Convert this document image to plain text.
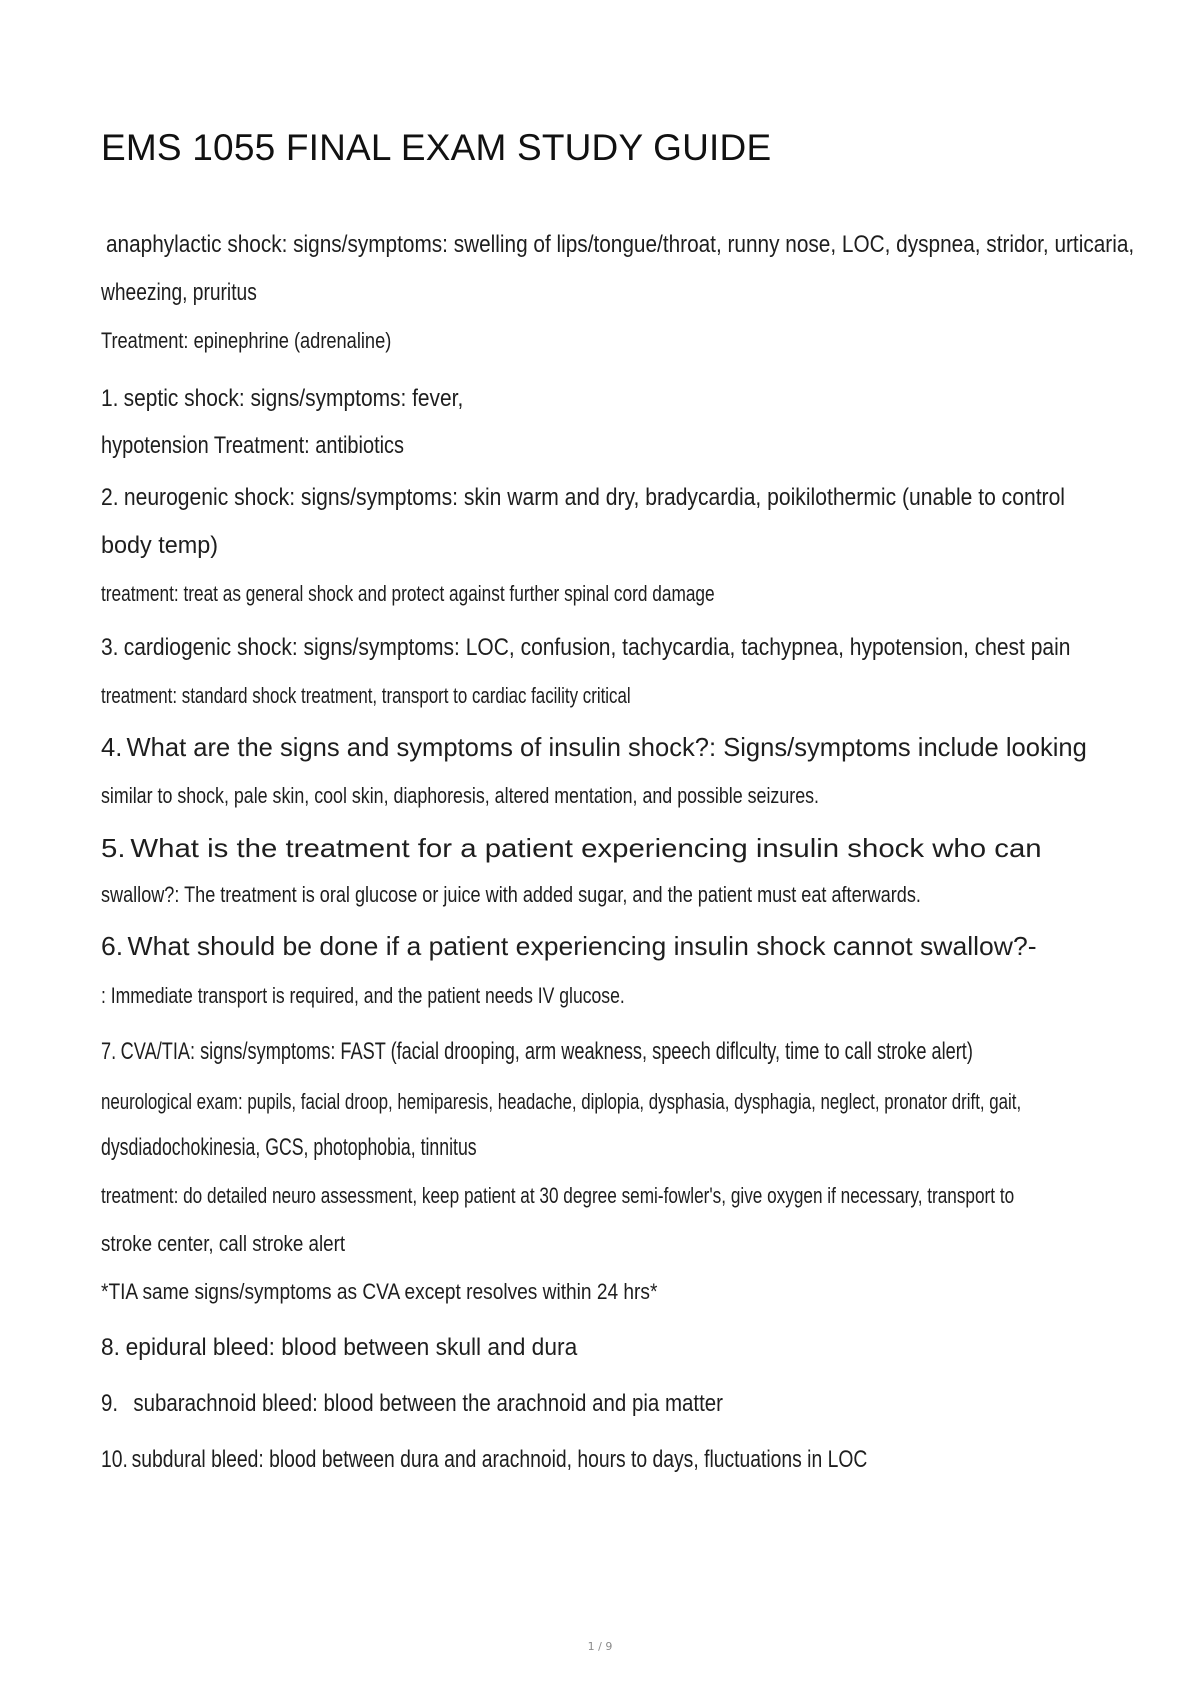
EMS 1055 FINAL EXAM STUDY GUIDE

anaphylactic shock: signs/symptoms: swelling of lips/tongue/throat, runny nose, LOC, dyspnea, stridor, urticaria,

wheezing, pruritus

Treatment: epinephrine (adrenaline)

1. septic shock: signs/symptoms: fever,

hypotension Treatment: antibiotics

2. neurogenic shock: signs/symptoms: skin warm and dry, bradycardia, poikilothermic (unable to control

body temp)

treatment: treat as general shock and protect against further spinal cord damage

3. cardiogenic shock: signs/symptoms: LOC, confusion, tachycardia, tachypnea, hypotension, chest pain

treatment: standard shock treatment, transport to cardiac facility critical

4. What are the signs and symptoms of insulin shock?: Signs/symptoms include looking

similar to shock, pale skin, cool skin, diaphoresis, altered mentation, and possible seizures.

5. What is the treatment for a patient experiencing insulin shock who can

swallow?: The treatment is oral glucose or juice with added sugar, and the patient must eat afterwards.

6. What should be done if a patient experiencing insulin shock cannot swallow?-

: Immediate transport is required, and the patient needs IV glucose.

7. CVA/TIA: signs/symptoms: FAST (facial drooping, arm weakness, speech diflculty, time to call stroke alert)

neurological exam: pupils, facial droop, hemiparesis, headache, diplopia, dysphasia, dysphagia, neglect, pronator drift, gait,

dysdiadochokinesia, GCS, photophobia, tinnitus

treatment: do detailed neuro assessment, keep patient at 30 degree semi-fowler's, give oxygen if necessary, transport to

stroke center, call stroke alert

*TIA same signs/symptoms as CVA except resolves within 24 hrs*

8. epidural bleed: blood between skull and dura

9. subarachnoid bleed: blood between the arachnoid and pia matter

10. subdural bleed: blood between dura and arachnoid, hours to days, fluctuations in LOC

1 / 9
